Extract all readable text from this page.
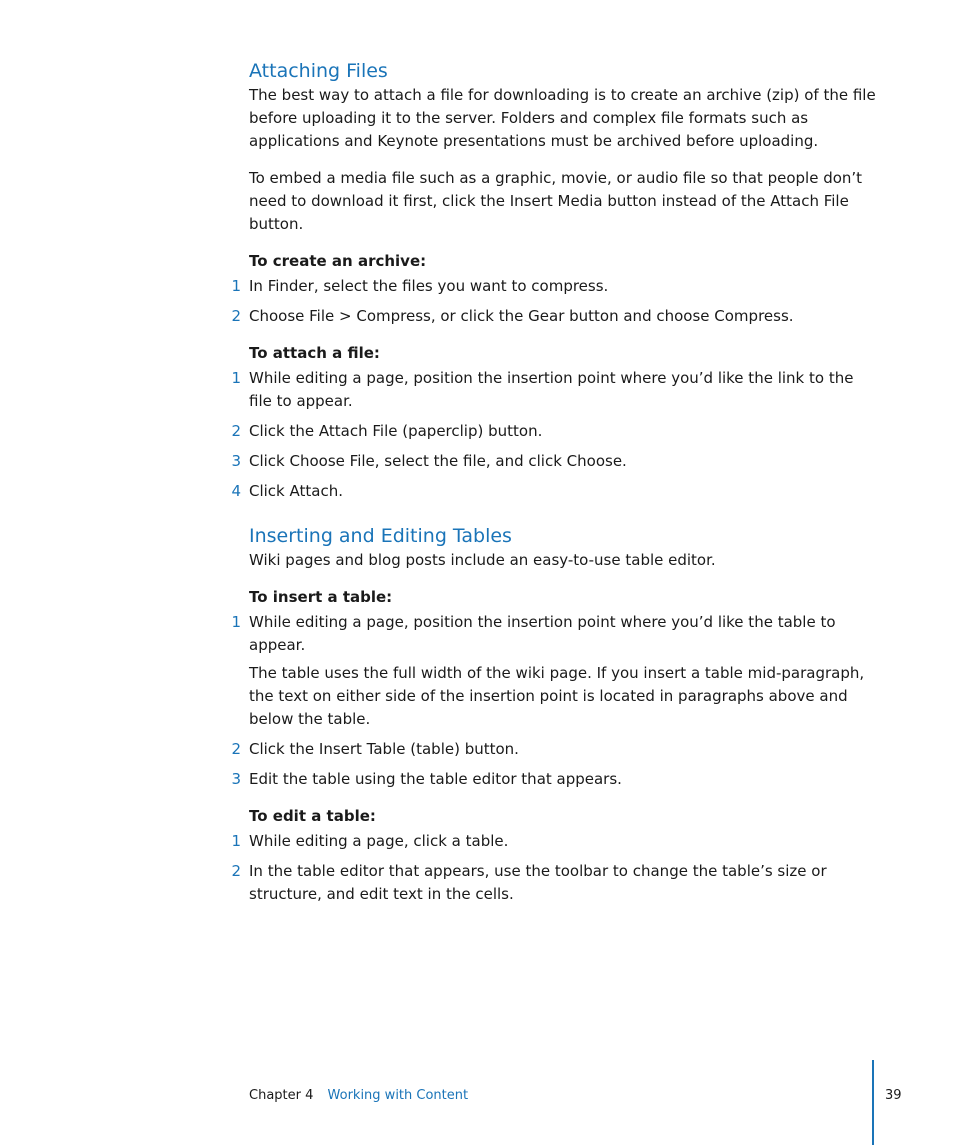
Attaching Files

The best way to attach a file for downloading is to create an archive (zip) of the file before uploading it to the server. Folders and complex file formats such as applications and Keynote presentations must be archived before uploading.

To embed a media file such as a graphic, movie, or audio file so that people don’t need to download it first, click the Insert Media button instead of the Attach File button.

To create an archive:
1 In Finder, select the files you want to compress.
2 Choose File > Compress, or click the Gear button and choose Compress.
To attach a file:
1 While editing a page, position the insertion point where you’d like the link to the file to appear.
2 Click the Attach File (paperclip) button.
3 Click Choose File, select the file, and click Choose.
4 Click Attach.
Inserting and Editing Tables

Wiki pages and blog posts include an easy-to-use table editor.

To insert a table:
1 While editing a page, position the insertion point where you’d like the table to appear.
The table uses the full width of the wiki page. If you insert a table mid-paragraph, the text on either side of the insertion point is located in paragraphs above and below the table.
2 Click the Insert Table (table) button.
3 Edit the table using the table editor that appears.
To edit a table:
1 While editing a page, click a table.
2 In the table editor that appears, use the toolbar to change the table’s size or structure, and edit text in the cells.
Chapter 4 Working with Content	39
